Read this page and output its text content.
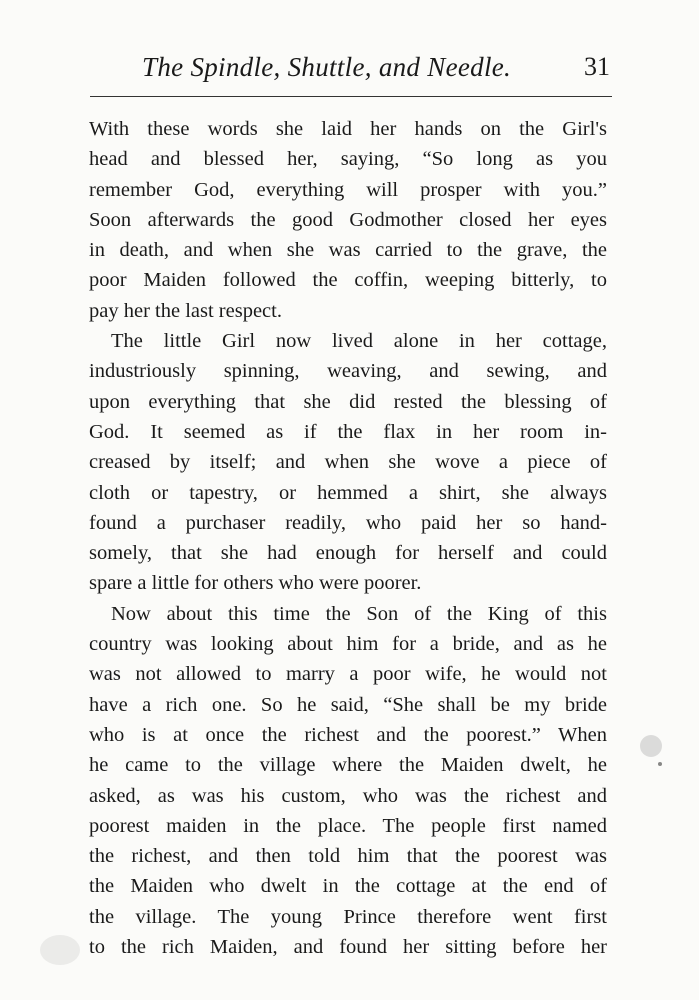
The Spindle, Shuttle, and Needle.	31
With these words she laid her hands on the Girl's
head and blessed her, saying, “So long as you
remember God, everything will prosper with you.”
Soon afterwards the good Godmother closed her eyes
in death, and when she was carried to the grave, the
poor Maiden followed the coffin, weeping bitterly, to
pay her the last respect.
The little Girl now lived alone in her cottage,
industriously spinning, weaving, and sewing, and
upon everything that she did rested the blessing of
God. It seemed as if the flax in her room in-
creased by itself; and when she wove a piece of
cloth or tapestry, or hemmed a shirt, she always
found a purchaser readily, who paid her so hand-
somely, that she had enough for herself and could
spare a little for others who were poorer.
Now about this time the Son of the King of this
country was looking about him for a bride, and as he
was not allowed to marry a poor wife, he would not
have a rich one. So he said, “She shall be my bride
who is at once the richest and the poorest.” When
he came to the village where the Maiden dwelt, he
asked, as was his custom, who was the richest and
poorest maiden in the place. The people first named
the richest, and then told him that the poorest was
the Maiden who dwelt in the cottage at the end of
the village. The young Prince therefore went first
to the rich Maiden, and found her sitting before her
